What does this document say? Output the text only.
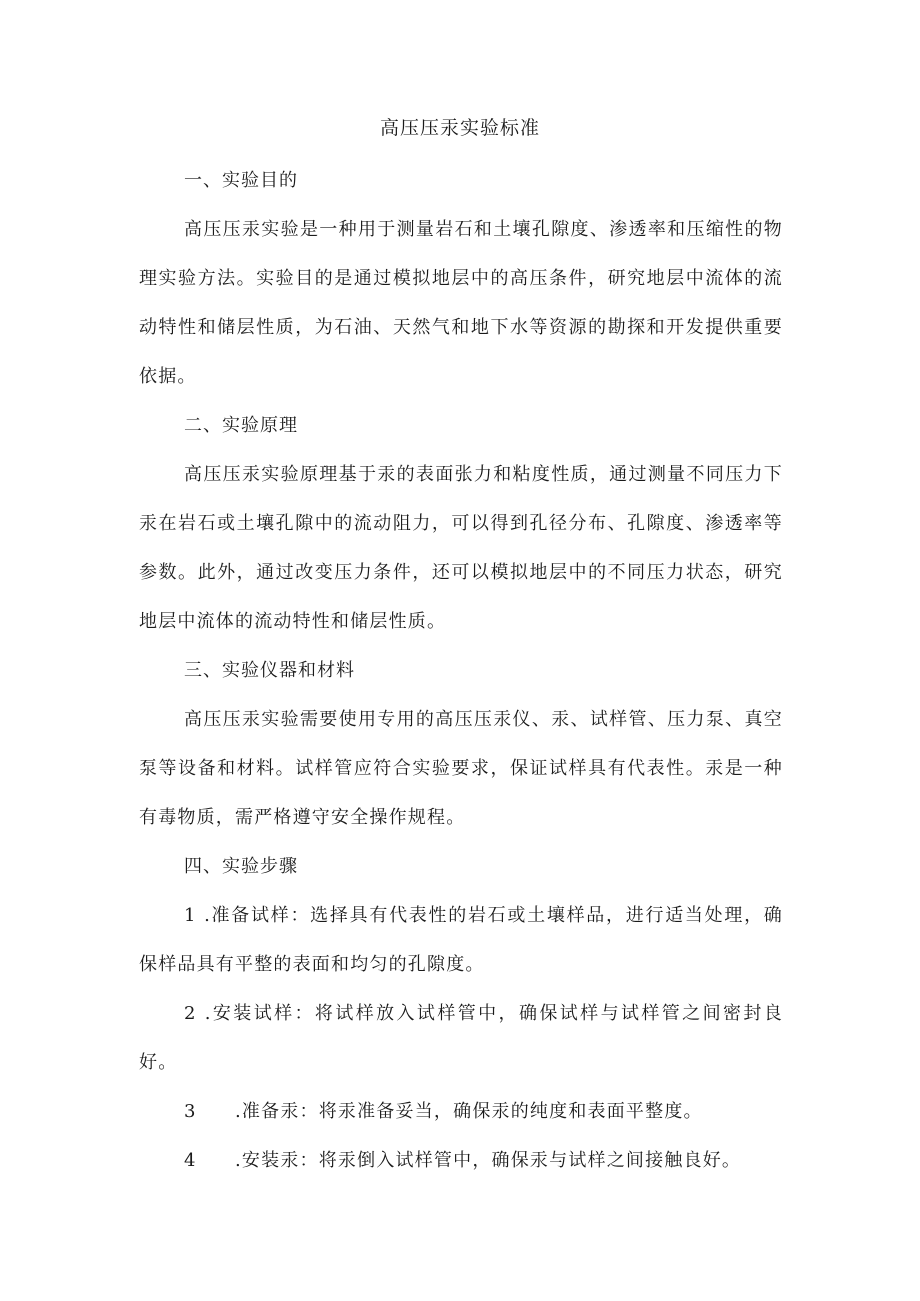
高压压汞实验标准
一、实验目的

高压压汞实验是一种用于测量岩石和土壤孔隙度、渗透率和压缩性的物理实验方法。实验目的是通过模拟地层中的高压条件，研究地层中流体的流动特性和储层性质，为石油、天然气和地下水等资源的勘探和开发提供重要依据。

二、实验原理

高压压汞实验原理基于汞的表面张力和粘度性质，通过测量不同压力下汞在岩石或土壤孔隙中的流动阻力，可以得到孔径分布、孔隙度、渗透率等参数。此外，通过改变压力条件，还可以模拟地层中的不同压力状态，研究地层中流体的流动特性和储层性质。

三、实验仪器和材料

高压压汞实验需要使用专用的高压压汞仪、汞、试样管、压力泵、真空泵等设备和材料。试样管应符合实验要求，保证试样具有代表性。汞是一种有毒物质，需严格遵守安全操作规程。

四、实验步骤

1 .准备试样：选择具有代表性的岩石或土壤样品，进行适当处理，确保样品具有平整的表面和均匀的孔隙度。

2 .安装试样：将试样放入试样管中，确保试样与试样管之间密封良好。

3 .准备汞：将汞准备妥当，确保汞的纯度和表面平整度。

4 .安装汞：将汞倒入试样管中，确保汞与试样之间接触良好。
